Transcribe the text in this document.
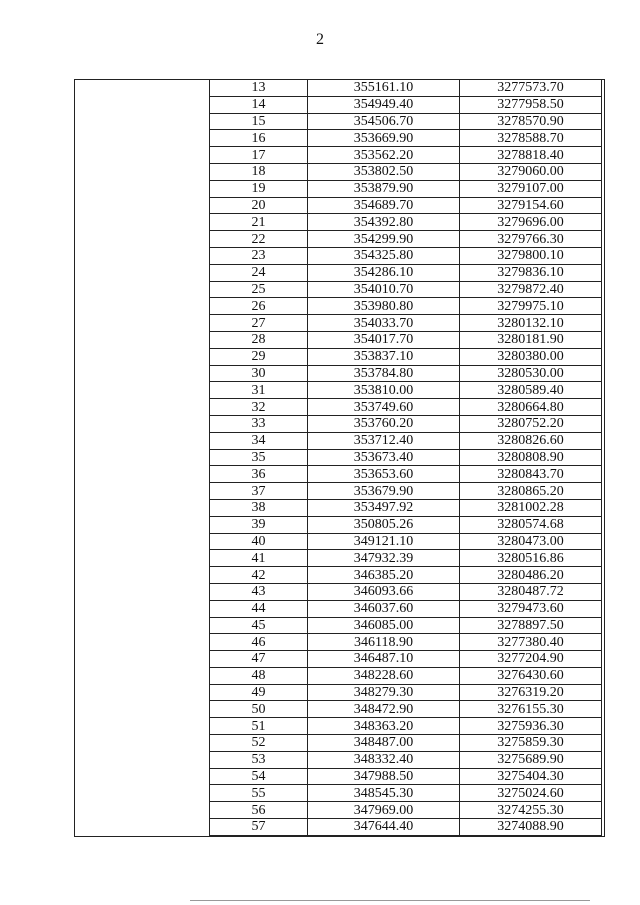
2
13	355161.10	3277573.70
14	354949.40	3277958.50
15	354506.70	3278570.90
16	353669.90	3278588.70
17	353562.20	3278818.40
18	353802.50	3279060.00
19	353879.90	3279107.00
20	354689.70	3279154.60
21	354392.80	3279696.00
22	354299.90	3279766.30
23	354325.80	3279800.10
24	354286.10	3279836.10
25	354010.70	3279872.40
26	353980.80	3279975.10
27	354033.70	3280132.10
28	354017.70	3280181.90
29	353837.10	3280380.00
30	353784.80	3280530.00
31	353810.00	3280589.40
32	353749.60	3280664.80
33	353760.20	3280752.20
34	353712.40	3280826.60
35	353673.40	3280808.90
36	353653.60	3280843.70
37	353679.90	3280865.20
38	353497.92	3281002.28
39	350805.26	3280574.68
40	349121.10	3280473.00
41	347932.39	3280516.86
42	346385.20	3280486.20
43	346093.66	3280487.72
44	346037.60	3279473.60
45	346085.00	3278897.50
46	346118.90	3277380.40
47	346487.10	3277204.90
48	348228.60	3276430.60
49	348279.30	3276319.20
50	348472.90	3276155.30
51	348363.20	3275936.30
52	348487.00	3275859.30
53	348332.40	3275689.90
54	347988.50	3275404.30
55	348545.30	3275024.60
56	347969.00	3274255.30
57	347644.40	3274088.90
